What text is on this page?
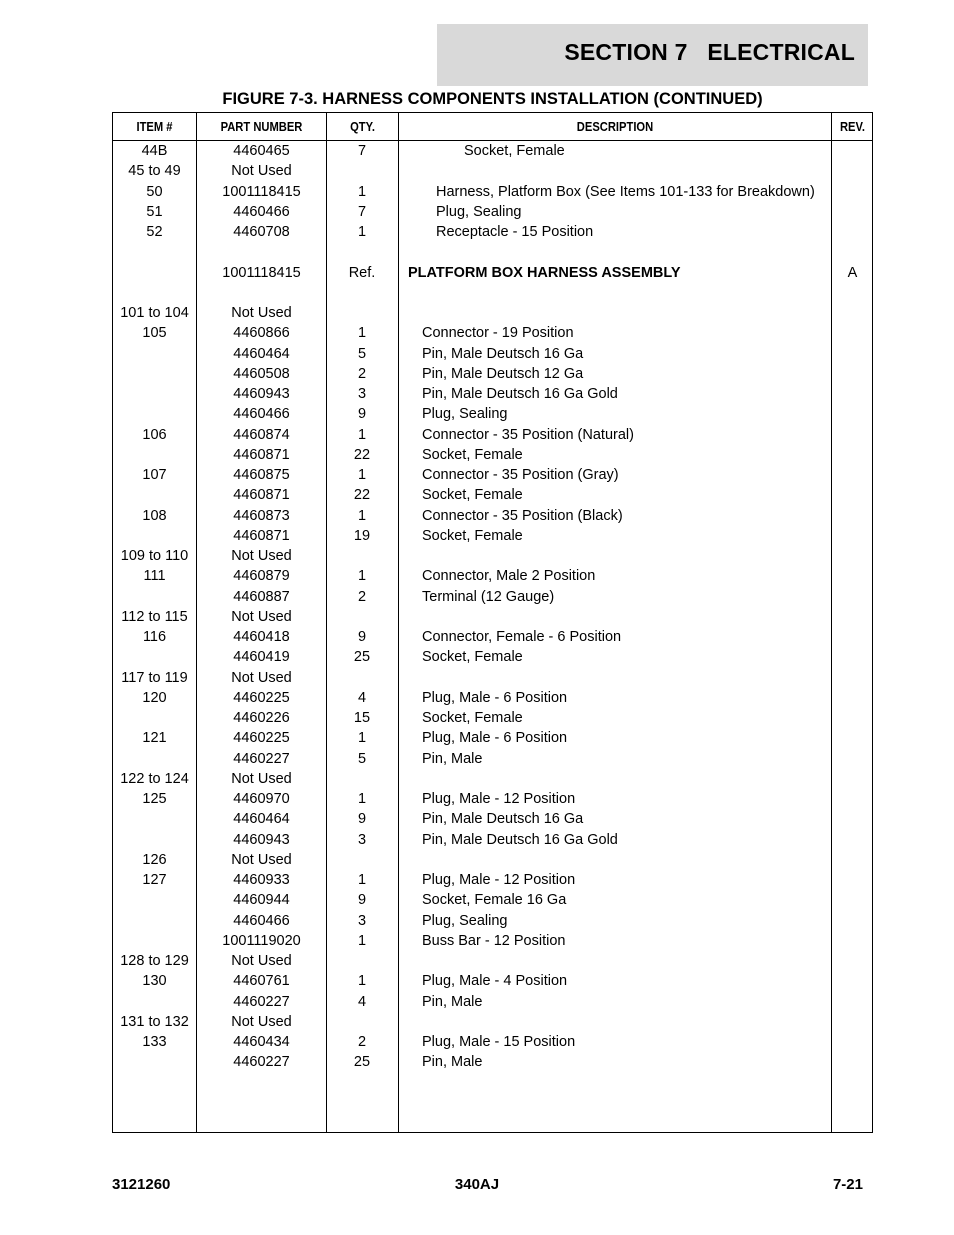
SECTION 7   ELECTRICAL
FIGURE 7-3. HARNESS COMPONENTS INSTALLATION (CONTINUED)
ITEM #	PART NUMBER	QTY.	DESCRIPTION	REV.
44B	4460465	7	Socket, Female
45 to 49	Not Used
50	1001118415	1	Harness, Platform Box (See Items 101-133 for Breakdown)
51	4460466	7	Plug, Sealing
52	4460708	1	Receptacle - 15 Position
1001118415	Ref.	PLATFORM BOX HARNESS ASSEMBLY	A
101 to 104	Not Used
105	4460866	1	Connector - 19 Position
4460464	5	Pin, Male Deutsch 16 Ga
4460508	2	Pin, Male Deutsch 12 Ga
4460943	3	Pin, Male Deutsch 16 Ga Gold
4460466	9	Plug, Sealing
106	4460874	1	Connector - 35 Position (Natural)
4460871	22	Socket, Female
107	4460875	1	Connector - 35 Position (Gray)
4460871	22	Socket, Female
108	4460873	1	Connector - 35 Position (Black)
4460871	19	Socket, Female
109 to 110	Not Used
111	4460879	1	Connector, Male 2 Position
4460887	2	Terminal (12 Gauge)
112 to 115	Not Used
116	4460418	9	Connector, Female - 6 Position
4460419	25	Socket, Female
117 to 119	Not Used
120	4460225	4	Plug, Male - 6 Position
4460226	15	Socket, Female
121	4460225	1	Plug, Male - 6 Position
4460227	5	Pin, Male
122 to 124	Not Used
125	4460970	1	Plug, Male - 12 Position
4460464	9	Pin, Male Deutsch 16 Ga
4460943	3	Pin, Male Deutsch 16 Ga Gold
126	Not Used
127	4460933	1	Plug, Male - 12 Position
4460944	9	Socket, Female 16 Ga
4460466	3	Plug, Sealing
1001119020	1	Buss Bar - 12 Position
128 to 129	Not Used
130	4460761	1	Plug, Male - 4 Position
4460227	4	Pin, Male
131 to 132	Not Used
133	4460434	2	Plug, Male - 15 Position
4460227	25	Pin, Male
3121260	340AJ	7-21
